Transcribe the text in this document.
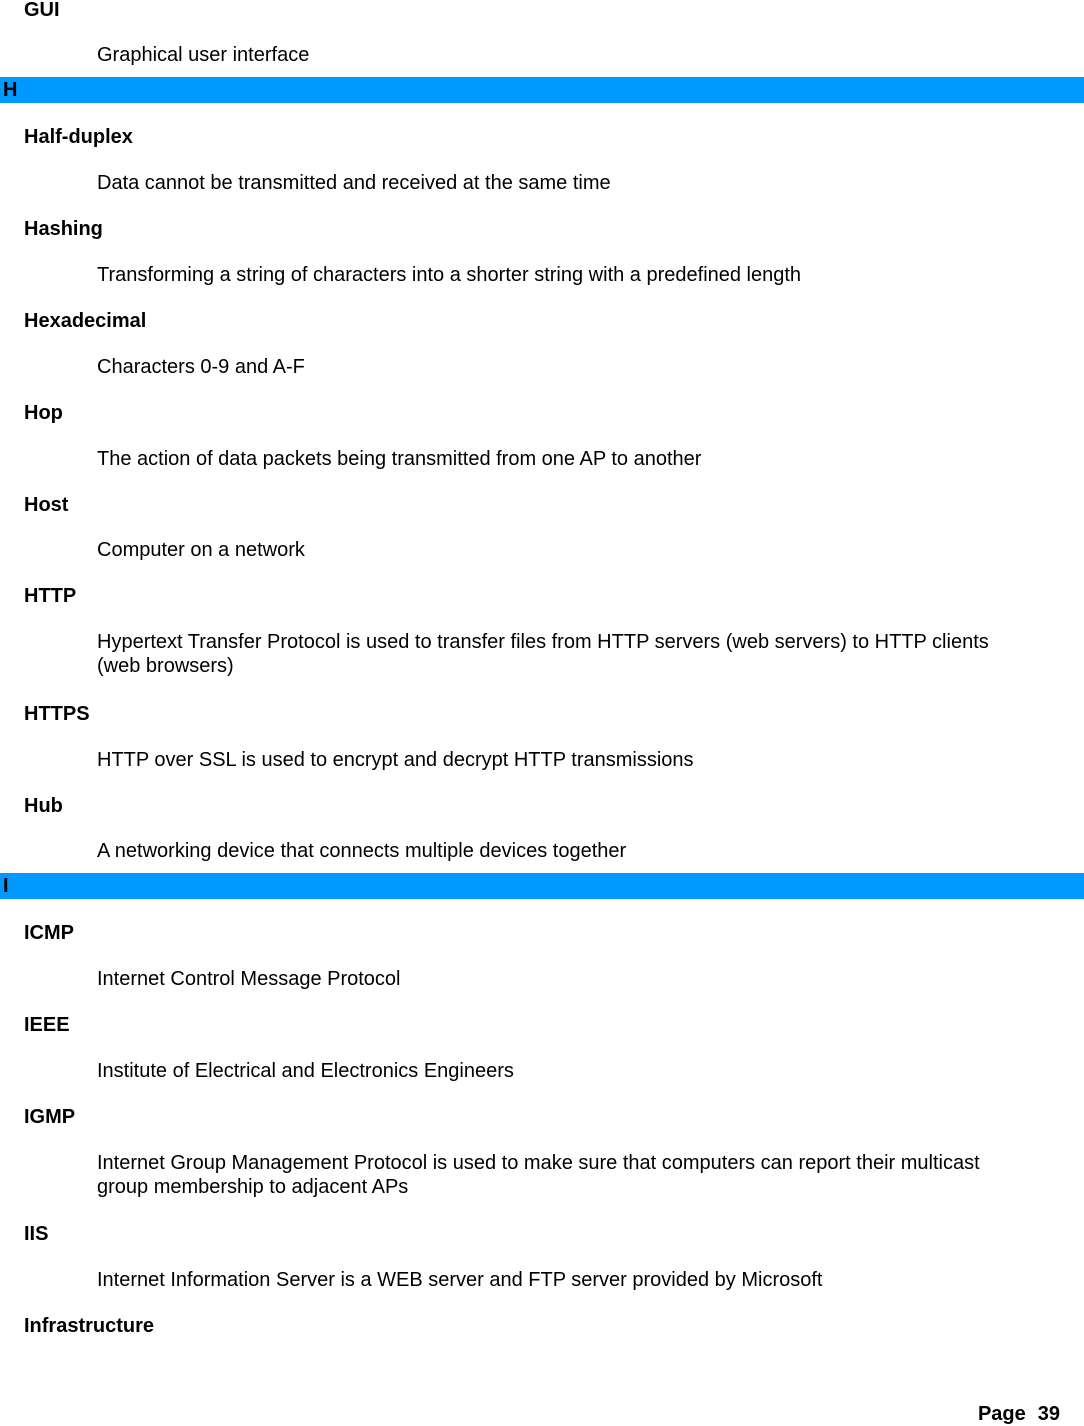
GUI
Graphical user interface
H
Half-duplex
Data cannot be transmitted and received at the same time
Hashing
Transforming a string of characters into a shorter string with a predefined length
Hexadecimal
Characters 0-9 and A-F
Hop
The action of data packets being transmitted from one AP to another
Host
Computer on a network
HTTP
Hypertext Transfer Protocol is used to transfer files from HTTP servers (web servers) to HTTP clients (web browsers)
HTTPS
HTTP over SSL is used to encrypt and decrypt HTTP transmissions
Hub
A networking device that connects multiple devices together
I
ICMP
Internet Control Message Protocol
IEEE
Institute of Electrical and Electronics Engineers
IGMP
Internet Group Management Protocol is used to make sure that computers can report their multicast group membership to adjacent APs
IIS
Internet Information Server is a WEB server and FTP server provided by Microsoft
Infrastructure
Page 39
